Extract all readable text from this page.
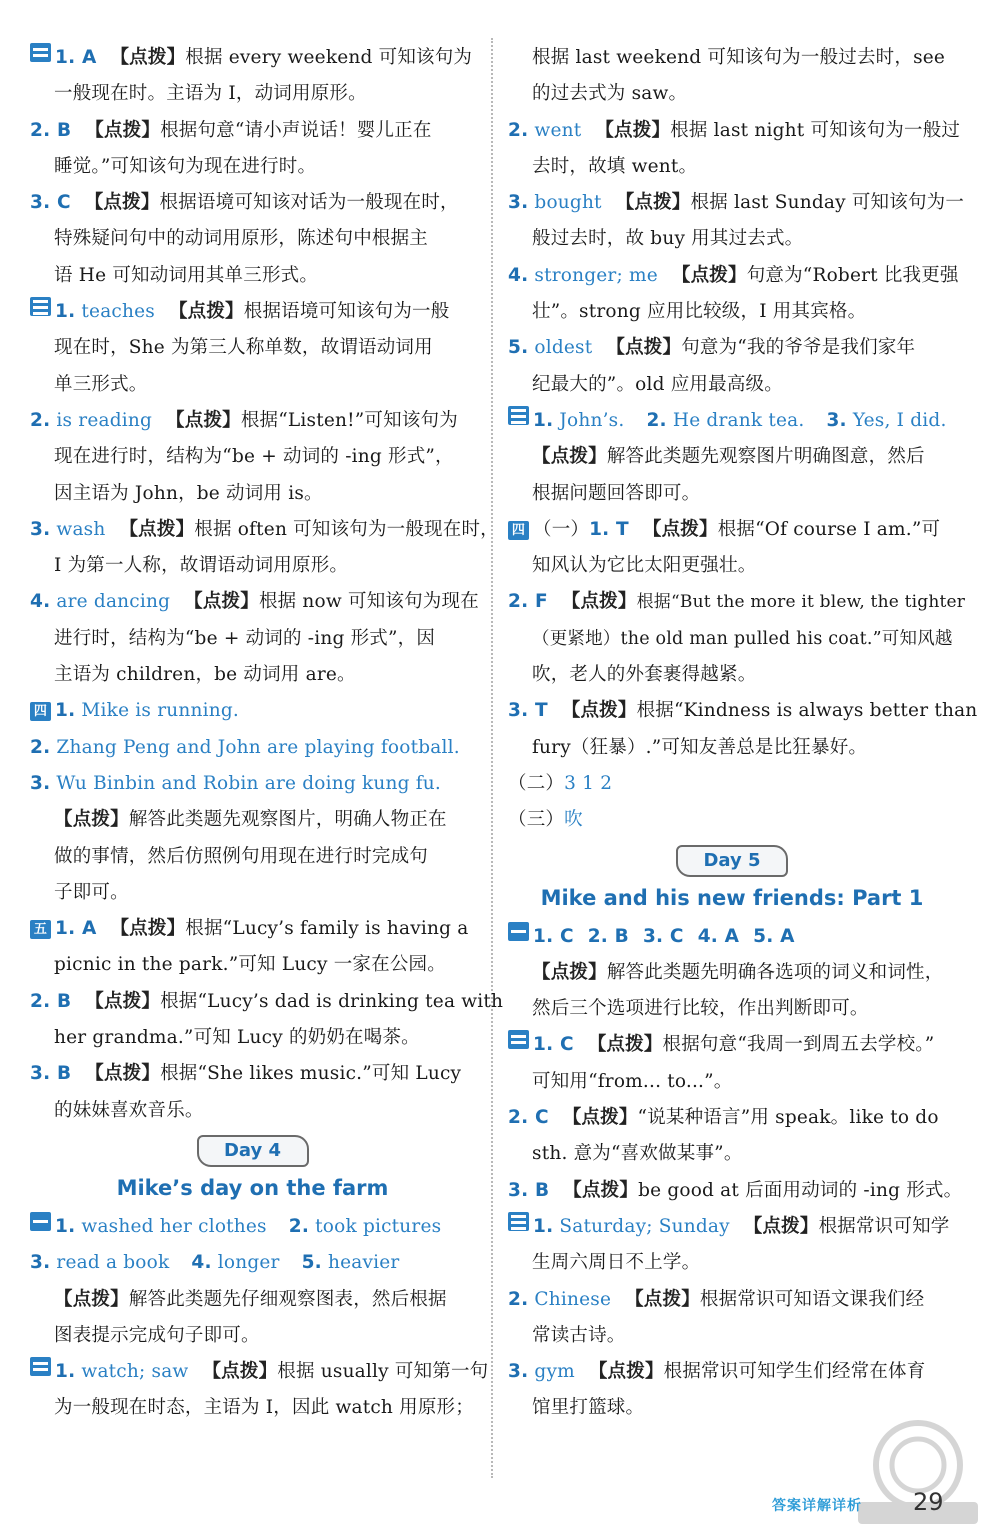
1. A 【点拨】根据 every weekend 可知该句为
一般现在时。主语为 I，动词用原形。
2. B 【点拨】根据句意“请小声说话！婴儿正在
睡觉。”可知该句为现在进行时。
3. C 【点拨】根据语境可知该对话为一般现在时，
特殊疑问句中的动词用原形，陈述句中根据主
语 He 可知动词用其单三形式。
1. teaches 【点拨】根据语境可知该句为一般
现在时，She 为第三人称单数，故谓语动词用
单三形式。
2. is reading 【点拨】根据“Listen!”可知该句为
现在进行时，结构为“be + 动词的 -ing 形式”，
因主语为 John，be 动词用 is。
3. wash 【点拨】根据 often 可知该句为一般现在时，
I 为第一人称，故谓语动词用原形。
4. are dancing 【点拨】根据 now 可知该句为现在
进行时，结构为“be + 动词的 -ing 形式”，因
主语为 children，be 动词用 are。
四 1. Mike is running.
2. Zhang Peng and John are playing football.
3. Wu Binbin and Robin are doing kung fu.
【点拨】解答此类题先观察图片，明确人物正在
做的事情，然后仿照例句用现在进行时完成句
子即可。
五 1. A 【点拨】根据“Lucy’s family is having a
picnic in the park.”可知 Lucy 一家在公园。
2. B 【点拨】根据“Lucy’s dad is drinking tea with
her grandma.”可知 Lucy 的奶奶在喝茶。
3. B 【点拨】根据“She likes music.”可知 Lucy
的妹妹喜欢音乐。
Day 4
Mike’s day on the farm
1. washed her clothes 2. took pictures
3. read a book 4. longer 5. heavier
【点拨】解答此类题先仔细观察图表，然后根据
图表提示完成句子即可。
1. watch; saw 【点拨】根据 usually 可知第一句
为一般现在时态，主语为 I，因此 watch 用原形；
根据 last weekend 可知该句为一般过去时，see
的过去式为 saw。
2. went 【点拨】根据 last night 可知该句为一般过
去时，故填 went。
3. bought 【点拨】根据 last Sunday 可知该句为一
般过去时，故 buy 用其过去式。
4. stronger; me 【点拨】句意为“Robert 比我更强
壮”。strong 应用比较级，I 用其宾格。
5. oldest 【点拨】句意为“我的爷爷是我们家年
纪最大的”。old 应用最高级。
1. John’s. 2. He drank tea. 3. Yes, I did.
【点拨】解答此类题先观察图片明确图意，然后
根据问题回答即可。
四 （一）1. T 【点拨】根据“Of course I am.”可
知风认为它比太阳更强壮。
2. F 【点拨】根据“But the more it blew, the tighter
（更紧地）the old man pulled his coat.”可知风越
吹，老人的外套裹得越紧。
3. T 【点拨】根据“Kindness is always better than
fury（狂暴）.”可知友善总是比狂暴好。
（二）3 1 2
（三）吹
Day 5
Mike and his new friends: Part 1
1. C 2. B 3. C 4. A 5. A
【点拨】解答此类题先明确各选项的词义和词性，
然后三个选项进行比较，作出判断即可。
1. C 【点拨】根据句意“我周一到周五去学校。”
可知用“from... to...”。
2. C 【点拨】“说某种语言”用 speak。like to do
sth. 意为“喜欢做某事”。
3. B 【点拨】be good at 后面用动词的 -ing 形式。
1. Saturday; Sunday 【点拨】根据常识可知学
生周六周日不上学。
2. Chinese 【点拨】根据常识可知语文课我们经
常读古诗。
3. gym 【点拨】根据常识可知学生们经常在体育
馆里打篮球。
答案详解详析 29
